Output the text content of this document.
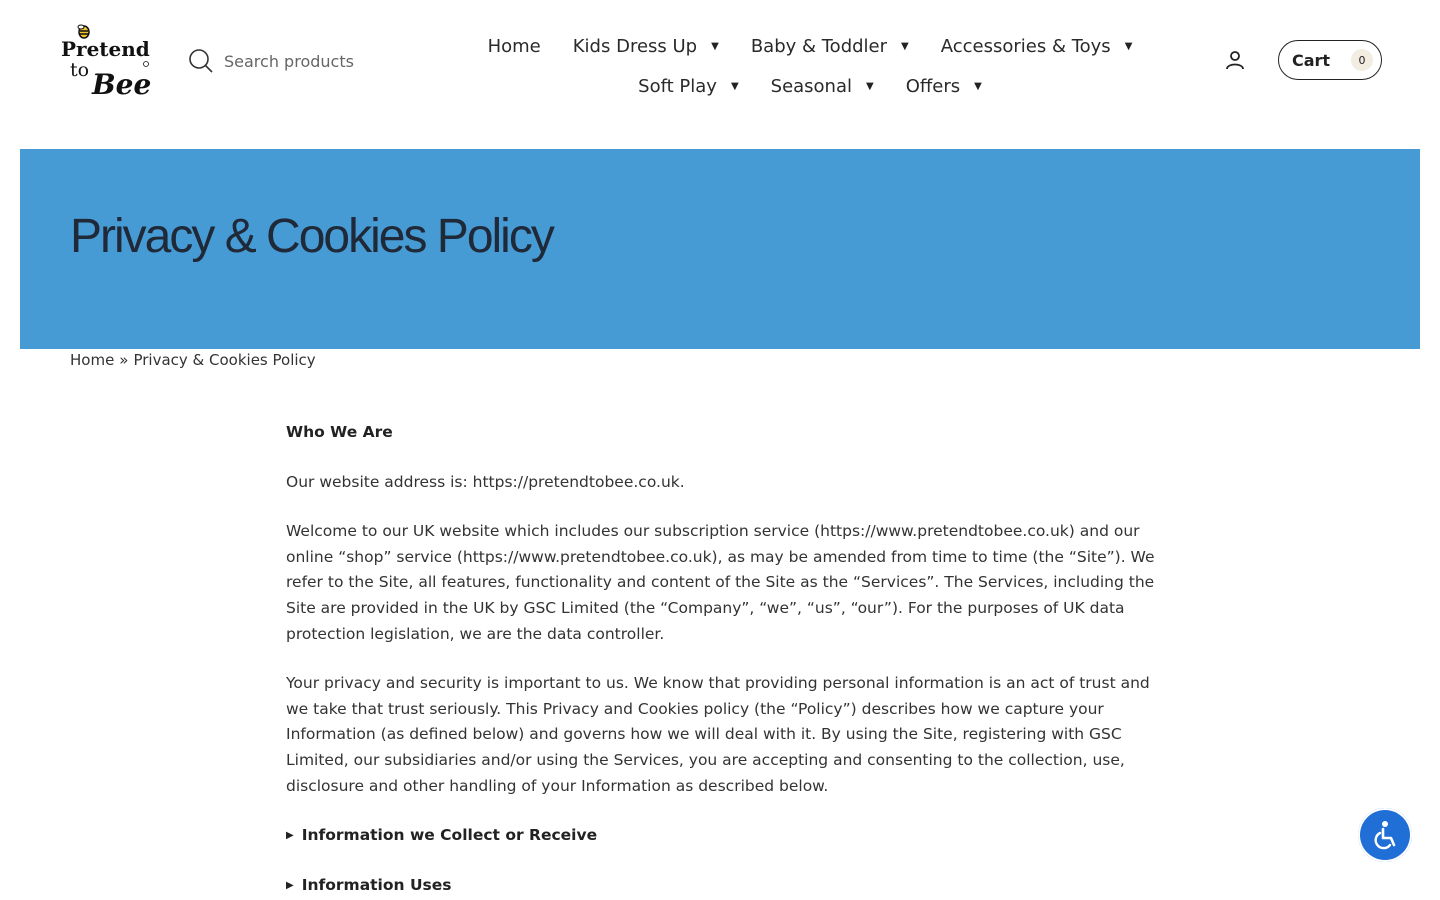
Pretend
to Bee
Search products
Home Kids Dress Up ▼ Baby & Toddler ▼ Accessories & Toys ▼
Soft Play ▼ Seasonal ▼ Offers ▼
Cart	0
Privacy & Cookies Policy
Home » Privacy & Cookies Policy
Who We Are

Our website address is: https://pretendtobee.co.uk.

Welcome to our UK website which includes our subscription service (https://www.pretendtobee.co.uk) and our online “shop” service (https://www.pretendtobee.co.uk), as may be amended from time to time (the “Site”). We refer to the Site, all features, functionality and content of the Site as the “Services”. The Services, including the Site are provided in the UK by GSC Limited (the “Company”, “we”, “us”, “our”). For the purposes of UK data protection legislation, we are the data controller.

Your privacy and security is important to us. We know that providing personal information is an act of trust and we take that trust seriously. This Privacy and Cookies policy (the “Policy”) describes how we capture your Information (as defined below) and governs how we will deal with it. By using the Site, registering with GSC Limited, our subsidiaries and/or using the Services, you are accepting and consenting to the collection, use, disclosure and other handling of your Information as described below.

▶ Information we Collect or Receive
▶ Information Uses
